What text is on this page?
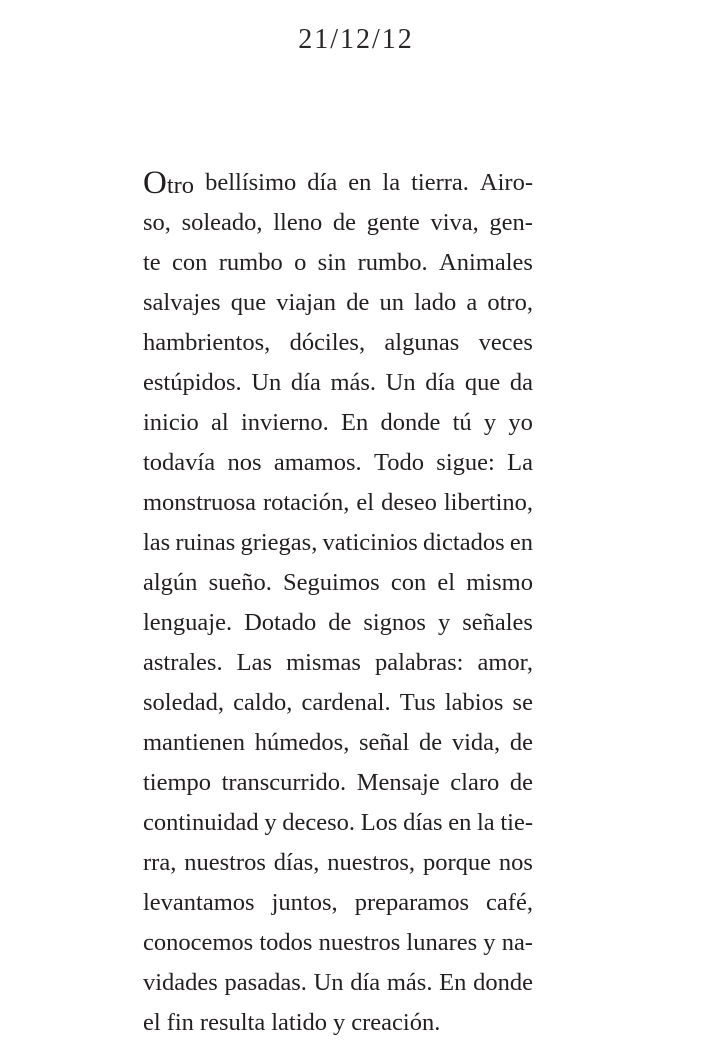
21/12/12
Otro bellísimo día en la tierra. Airo-
so, soleado, lleno de gente viva, gen-
te con rumbo o sin rumbo. Animales
salvajes que viajan de un lado a otro,
hambrientos, dóciles, algunas veces
estúpidos. Un día más. Un día que da
inicio al invierno. En donde tú y yo
todavía nos amamos. Todo sigue: La
monstruosa rotación, el deseo libertino,
las ruinas griegas, vaticinios dictados en
algún sueño. Seguimos con el mismo
lenguaje. Dotado de signos y señales
astrales. Las mismas palabras: amor,
soledad, caldo, cardenal. Tus labios se
mantienen húmedos, señal de vida, de
tiempo transcurrido. Mensaje claro de
continuidad y deceso. Los días en la tie-
rra, nuestros días, nuestros, porque nos
levantamos juntos, preparamos café,
conocemos todos nuestros lunares y na-
vidades pasadas. Un día más. En donde
el fin resulta latido y creación.
